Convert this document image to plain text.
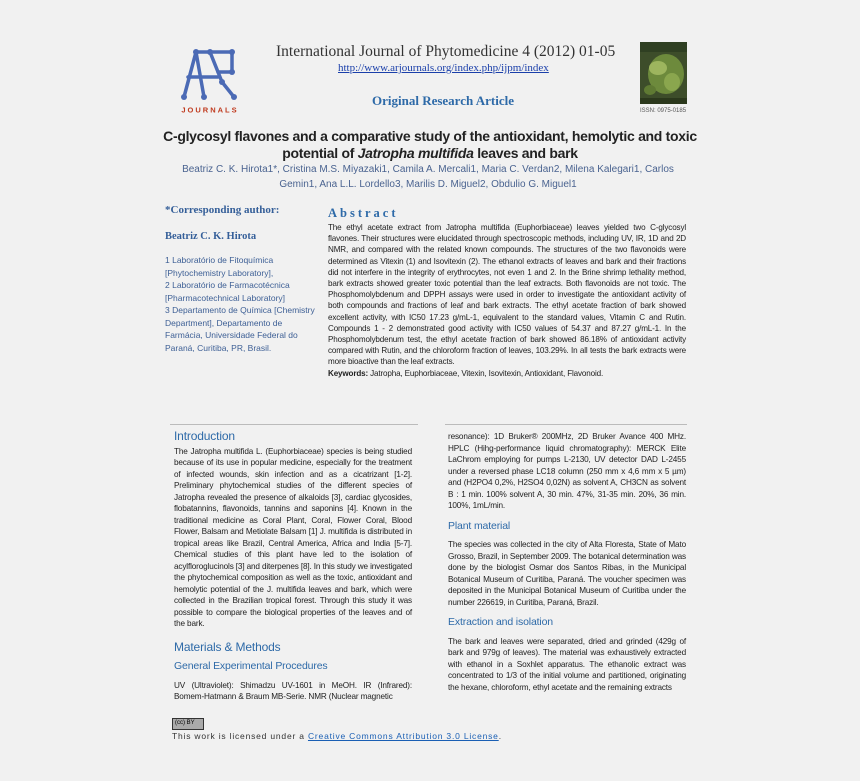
JOURNALS
International Journal of Phytomedicine 4 (2012) 01-05
http://www.arjournals.org/index.php/ijpm/index
Original Research Article
ISSN: 0975-0185
C-glycosyl flavones and a comparative study of the antioxidant, hemolytic and toxic potential of Jatropha multifida leaves and bark
Beatriz C. K. Hirota1*, Cristina M.S. Miyazaki1, Camila A. Mercali1, Maria C. Verdan2, Milena Kalegari1, Carlos Gemin1, Ana L.L. Lordello3, Marilis D. Miguel2, Obdulio G. Miguel1
*Corresponding author:
Beatriz C. K. Hirota

1 Laboratório de Fitoquímica [Phytochemistry Laboratory],

2 Laboratório de Farmacotécnica [Pharmacotechnical Laboratory]

3 Departamento de Química [Chemistry Department], Departamento de Farmácia, Universidade Federal do Paraná, Curitiba, PR, Brasil.

Abstract

The ethyl acetate extract from Jatropha multifida (Euphorbiaceae) leaves yielded two C-glycosyl flavones. Their structures were elucidated through spectroscopic methods, including UV, IR, 1D and 2D NMR, and compared with the related known compounds. The structures of the two flavonoids were determined as Vitexin (1) and Isovitexin (2). The ethanol extracts of leaves and bark and their fractions did not interfere in the integrity of erythrocytes, not even 1 and 2. In the Brine shrimp lethality method, bark extracts showed greater toxic potential than the leaf extracts. Both flavonoids are not toxic. The Phosphomolybdenum and DPPH assays were used in order to investigate the antioxidant activity of both compounds and fractions of leaf and bark extracts. The ethyl acetate fraction of bark showed excellent activity, with IC50 17.23 g/mL-1, equivalent to the standard values, Vitamin C and Rutin. Compounds 1 - 2 demonstrated good activity with IC50 values of 54.37 and 87.27 g/mL-1. In the Phosphomolybdenum test, the ethyl acetate fraction of bark showed 86.18% of antioxidant activity compared with Rutin, and the chloroform fraction of leaves, 103.29%. In all tests the bark extracts were more bioactive than the leaf extracts.

Keywords: Jatropha, Euphorbiaceae, Vitexin, Isovitexin, Antioxidant, Flavonoid.

Introduction

The Jatropha multifida L. (Euphorbiaceae) species is being studied because of its use in popular medicine, especially for the treatment of infected wounds, skin infection and as a cicatrizant [1-2]. Preliminary phytochemical studies of the different species of Jatropha revealed the presence of alkaloids [3], cardiac glycosides, flobatannins, flavonoids, tannins and saponins [4]. Known in the traditional medicine as Coral Plant, Coral, Flower Coral, Blood Flower, Balsam and Metiolate Balsam [1] J. multifida is distributed in tropical areas like Brazil, Central America, Africa and India [5-7]. Chemical studies of this plant have led to the isolation of acylfloroglucinols [3] and diterpenes [8]. In this study we investigated the phytochemical composition as well as the toxic, antioxidant and hemolytic potential of the J. multifida leaves and bark, which were collected in the Brazilian tropical forest. Through this study it was possible to compare the biological properties of the leaves and of the bark.

Materials & Methods
General Experimental Procedures

UV (Ultraviolet): Shimadzu UV-1601 in MeOH. IR (Infrared): Bomem-Hatmann & Braum MB-Serie. NMR (Nuclear magnetic

resonance): 1D Bruker® 200MHz, 2D Bruker Avance 400 MHz. HPLC (Hihg-performance liquid chromatography): MERCK Elite LaChrom employing for pumps L-2130, UV detector DAD L-2455 under a reversed phase LC18 column (250 mm x 4,6 mm x 5 µm) and (H2PO4 0,2%, H2SO4 0,02N) as solvent A, CH3CN as solvent B : 1 min. 100% solvent A, 30 min. 47%, 31-35 min. 20%, 36 min. 100%, 1mL/min.

Plant material

The species was collected in the city of Alta Floresta, State of Mato Grosso, Brazil, in September 2009. The botanical determination was done by the biologist Osmar dos Santos Ribas, in the Municipal Botanical Museum of Curitiba, Paraná. The voucher specimen was deposited in the Municipal Botanical Museum of Curitiba under the number 226619, in Curitiba, Paraná, Brazil.

Extraction and isolation

The bark and leaves were separated, dried and grinded (429g of bark and 979g of leaves). The material was exhaustively extracted with ethanol in a Soxhlet apparatus. The ethanolic extract was concentrated to 1/3 of the initial volume and partitioned, originating the hexane, chloroform, ethyl acetate and the remaining extracts

(cc) BY
This work is licensed under a Creative Commons Attribution 3.0 License.
